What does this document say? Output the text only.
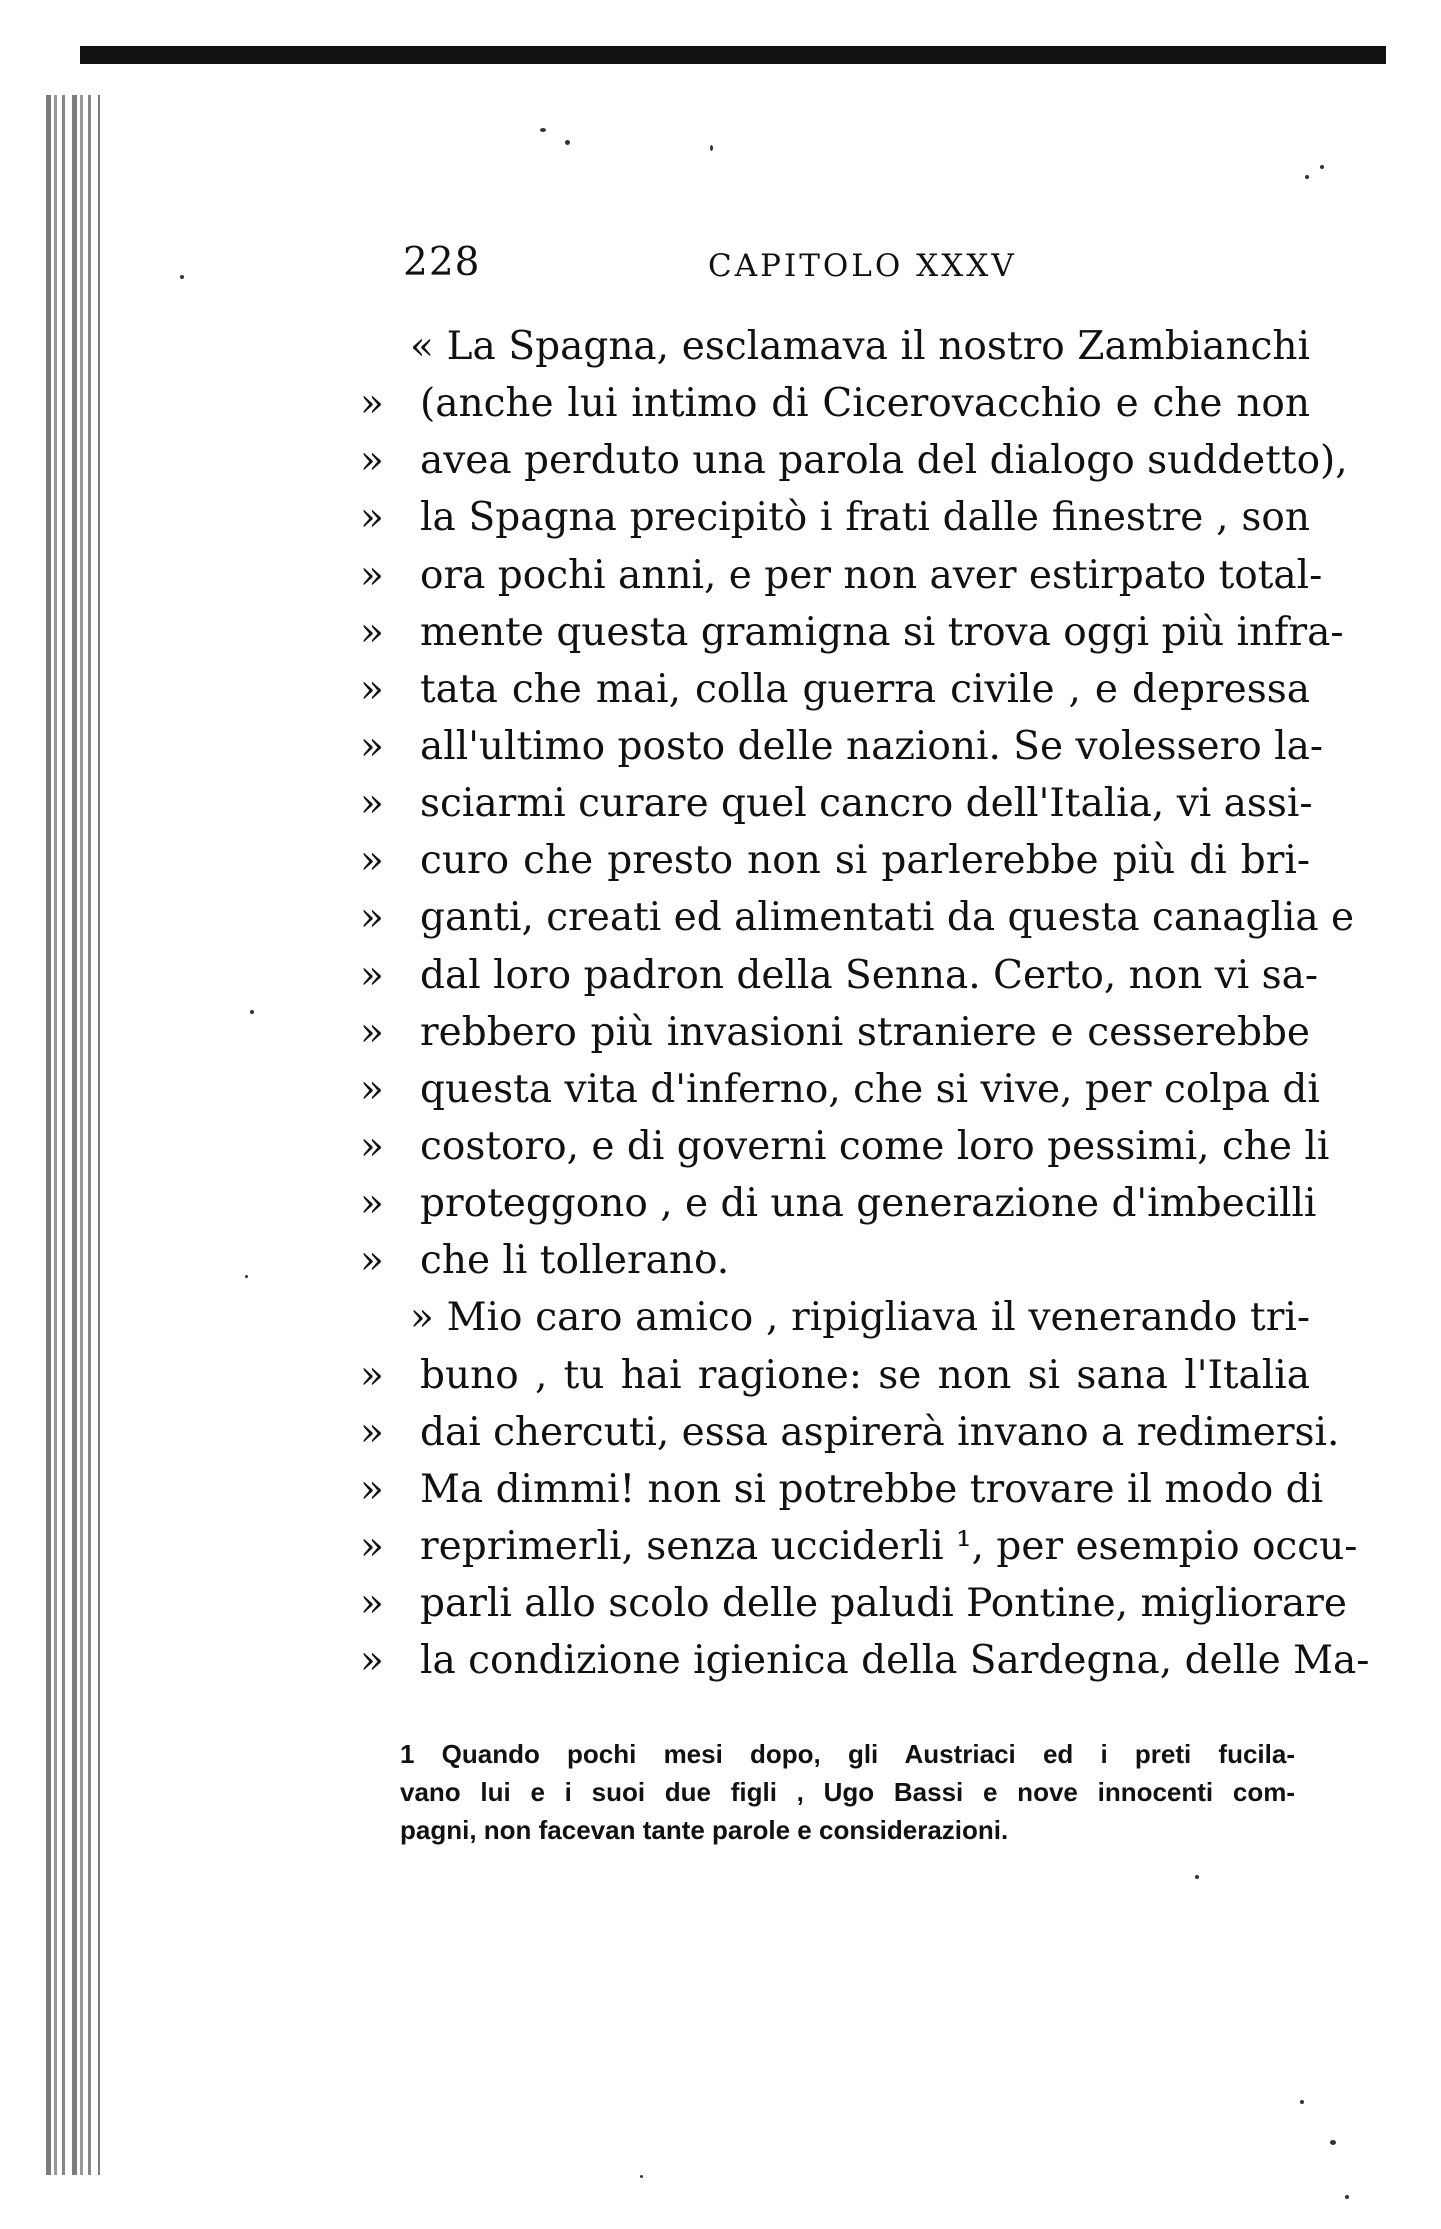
228	CAPITOLO XXXV
« La Spagna, esclamava il nostro Zambianchi
» (anche lui intimo di Cicerovacchio e che non
» avea perduto una parola del dialogo suddetto),
» la Spagna precipitò i frati dalle finestre , son
» ora pochi anni, e per non aver estirpato total-
» mente questa gramigna si trova oggi più infra-
» tata che mai, colla guerra civile , e depressa
» all'ultimo posto delle nazioni. Se volessero la-
» sciarmi curare quel cancro dell'Italia, vi assi-
» curo che presto non si parlerebbe più di bri-
» ganti, creati ed alimentati da questa canaglia e
» dal loro padron della Senna. Certo, non vi sa-
» rebbero più invasioni straniere e cesserebbe
» questa vita d'inferno, che si vive, per colpa di
» costoro, e di governi come loro pessimi, che li
» proteggono , e di una generazione d'imbecilli
» che li tollerano.
» Mio caro amico , ripigliava il venerando tri-
» buno , tu hai ragione: se non si sana l'Italia
» dai chercuti, essa aspirerà invano a redimersi.
» Ma dimmi! non si potrebbe trovare il modo di
» reprimerli, senza ucciderli ¹, per esempio occu-
» parli allo scolo delle paludi Pontine, migliorare
» la condizione igienica della Sardegna, delle Ma-
1 Quando pochi mesi dopo, gli Austriaci ed i preti fucila-
vano lui e i suoi due figli , Ugo Bassi e nove innocenti com-
pagni, non facevan tante parole e considerazioni.
